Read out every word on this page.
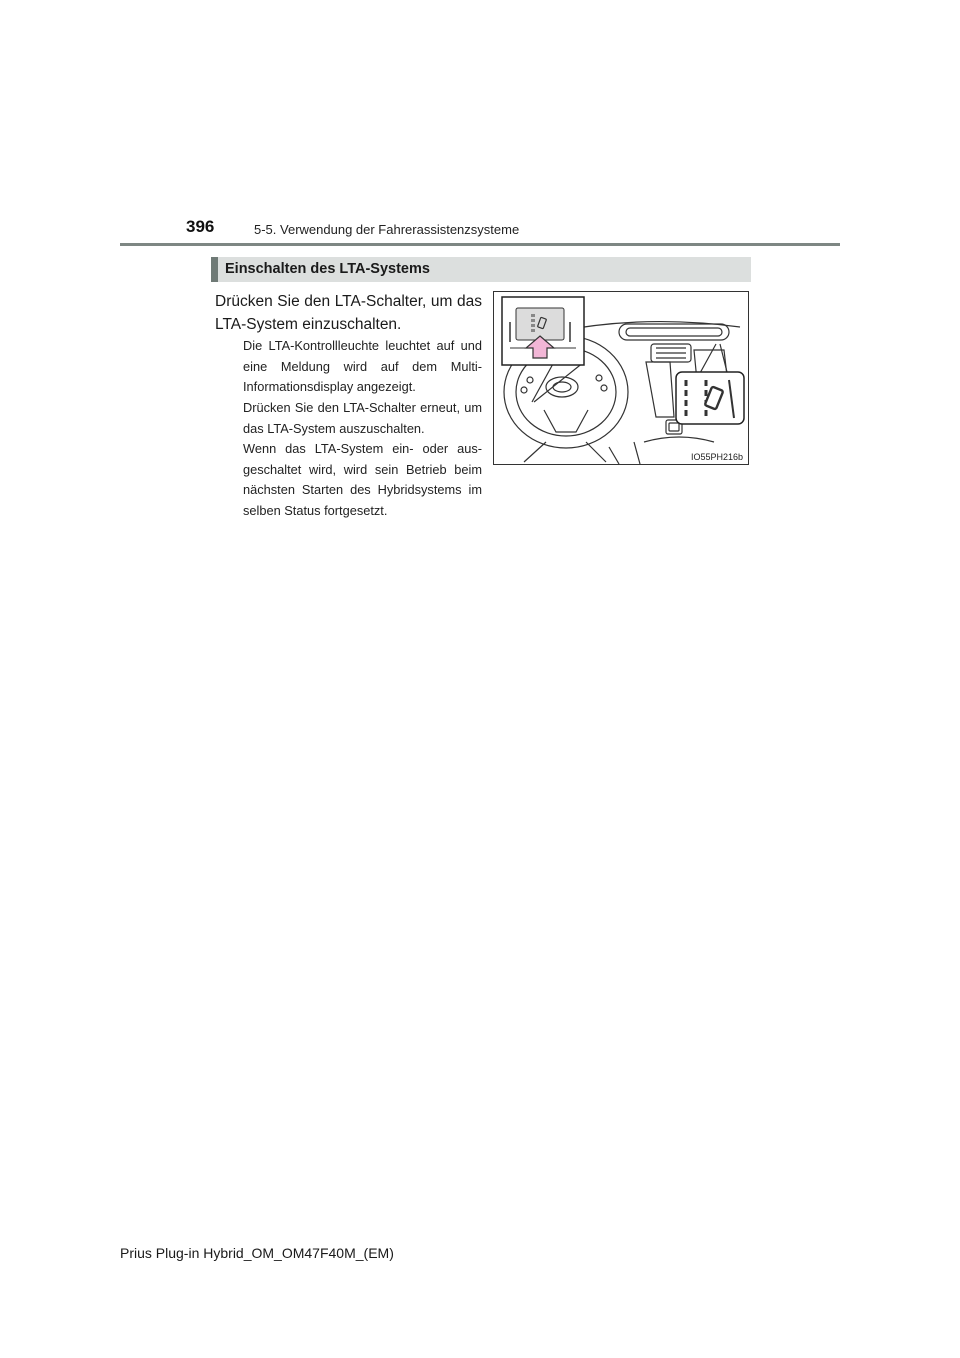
396	5-5. Verwendung der Fahrerassistenzsysteme
Einschalten des LTA-Systems
Drücken Sie den LTA-Schalter, um das LTA-System einzuschalten.
Die LTA-Kontrollleuchte leuchtet auf und eine Meldung wird auf dem Multi-Informationsdisplay angezeigt.
Drücken Sie den LTA-Schalter erneut, um das LTA-System auszuschalten.
Wenn das LTA-System ein- oder aus-geschaltet wird, wird sein Betrieb beim nächsten Starten des Hybridsystems im selben Status fortgesetzt.
IO55PH216b
Prius Plug-in Hybrid_OM_OM47F40M_(EM)
